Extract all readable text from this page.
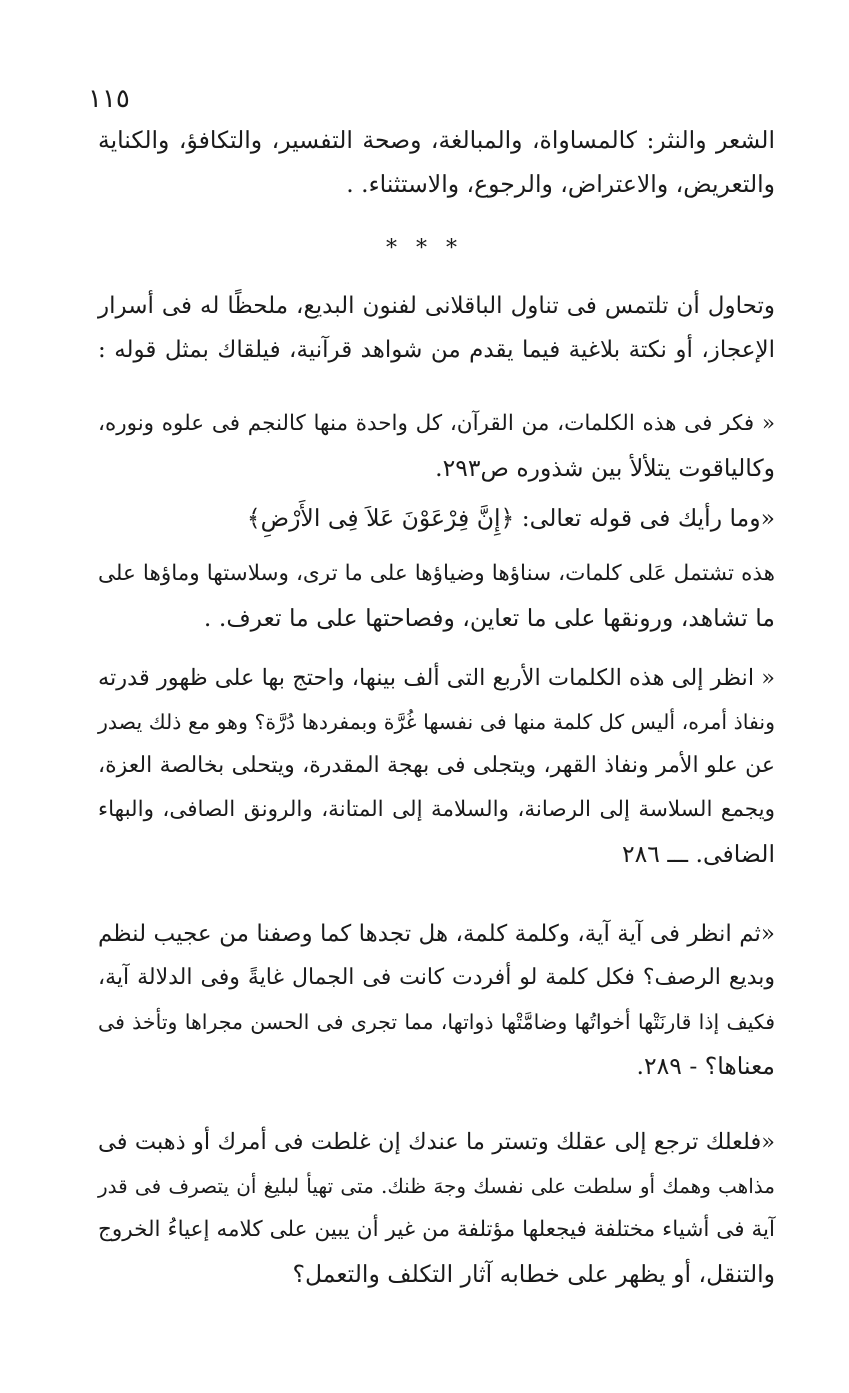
١١٥
الشعر والنثر: كالمساواة، والمبالغة، وصحة التفسير، والتكافؤ، والكناية
والتعريض، والاعتراض، والرجوع، والاستثناء. .
* * *
وتحاول أن تلتمس فى تناول الباقلانى لفنون البديع، ملحظًا له فى أسرار
الإعجاز، أو نكتة بلاغية فيما يقدم من شواهد قرآنية، فيلقاك بمثل قوله :
« فكر فى هذه الكلمات، من القرآن، كل واحدة منها كالنجم فى علوه ونوره،
وكالياقوت يتلألأ بين شذوره ص٢٩٣.
«وما رأيك فى قوله تعالى: ﴿إِنَّ فِرْعَوْنَ عَلاَ فِى الأَرْضِ﴾
هذه تشتمل عَلى كلمات، سناؤها وضياؤها على ما ترى، وسلاستها وماؤها على
ما تشاهد، ورونقها على ما تعاين، وفصاحتها على ما تعرف. .
« انظر إلى هذه الكلمات الأربع التى ألف بينها، واحتج بها على ظهور قدرته
ونفاذ أمره، أليس كل كلمة منها فى نفسها غُرَّة وبمفردها دُرَّة؟ وهو مع ذلك يصدر
عن علو الأمر ونفاذ القهر، ويتجلى فى بهجة المقدرة، ويتحلى بخالصة العزة،
ويجمع السلاسة إلى الرصانة، والسلامة إلى المتانة، والرونق الصافى، والبهاء
الضافى. ـــ ٢٨٦
«ثم انظر فى آية آية، وكلمة كلمة، هل تجدها كما وصفنا من عجيب لنظم
وبديع الرصف؟ فكل كلمة لو أفردت كانت فى الجمال غايةً وفى الدلالة آية،
فكيف إذا قارنَتْها أخواتُها وضامَّتْها ذواتها، مما تجرى فى الحسن مجراها وتأخذ فى
معناها؟ - ٢٨٩.
«فلعلك ترجع إلى عقلك وتستر ما عندك إن غلطت فى أمرك أو ذهبت فى
مذاهب وهمك أو سلطت على نفسك وجهَ ظنك. متى تهيأ لبليغ أن يتصرف فى قدر
آية فى أشياء مختلفة فيجعلها مؤتلفة من غير أن يبين على كلامه إعياءُ الخروج
والتنقل، أو يظهر على خطابه آثار التكلف والتعمل؟
